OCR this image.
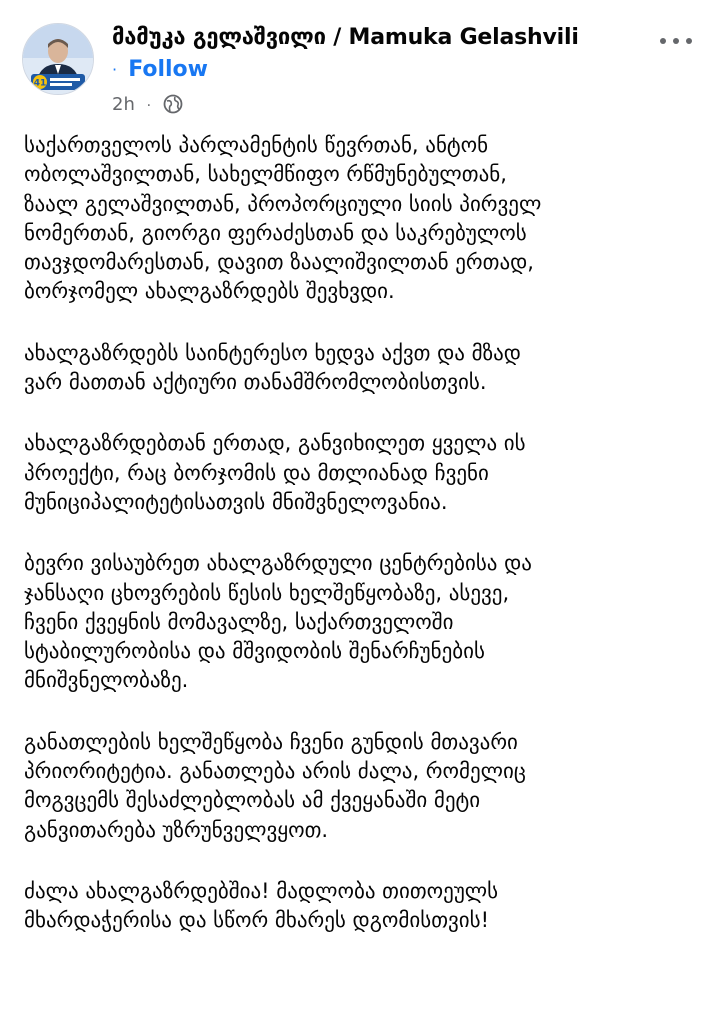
41
მამუკა გელაშვილი / Mamuka Gelashvili
· Follow
2h ·

საქართველოს პარლამენტის წევრთან, ანტონ
ობოლაშვილთან, სახელმწიფო რწმუნებულთან,
ზაალ გელაშვილთან, პროპორციული სიის პირველ
ნომერთან, გიორგი ფერაძესთან და საკრებულოს
თავჯდომარესთან, დავით ზაალიშვილთან ერთად,
ბორჯომელ ახალგაზრდებს შევხვდი.

ახალგაზრდებს საინტერესო ხედვა აქვთ და მზად
ვარ მათთან აქტიური თანამშრომლობისთვის.

ახალგაზრდებთან ერთად, განვიხილეთ ყველა ის
პროექტი, რაც ბორჯომის და მთლიანად ჩვენი
მუნიციპალიტეტისათვის მნიშვნელოვანია.

ბევრი ვისაუბრეთ ახალგაზრდული ცენტრებისა და
ჯანსაღი ცხოვრების წესის ხელშეწყობაზე, ასევე,
ჩვენი ქვეყნის მომავალზე, საქართველოში
სტაბილურობისა და მშვიდობის შენარჩუნების
მნიშვნელობაზე.

განათლების ხელშეწყობა ჩვენი გუნდის მთავარი
პრიორიტეტია. განათლება არის ძალა, რომელიც
მოგვცემს შესაძლებლობას ამ ქვეყანაში მეტი
განვითარება უზრუნველვყოთ.

ძალა ახალგაზრდებშია! მადლობა თითოეულს
მხარდაჭერისა და სწორ მხარეს დგომისთვის!
